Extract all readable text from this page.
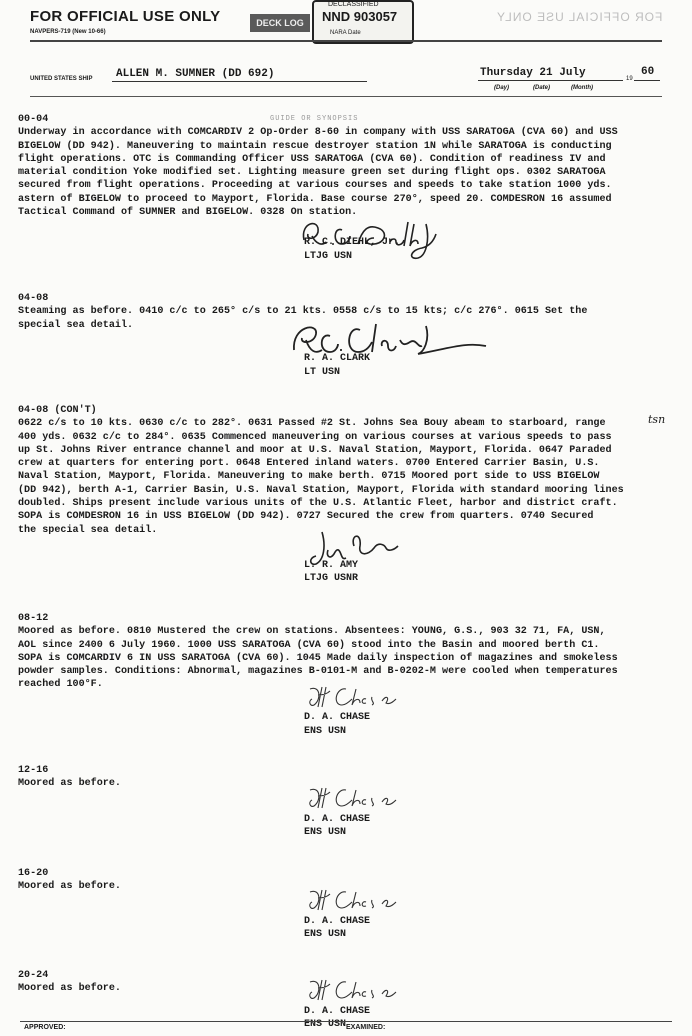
FOR OFFICIAL USE ONLY
NAVPERS-719 (New 10-66)
DECK LOG
DECLASSIFIED
NND 903057
NARA Date
FOR OFFICIAL USE ONLY
UNITED STATES SHIP ALLEN M. SUMNER (DD 692)	Thursday 21 July
(Day)	(Date)	(Month)
19
60
GUIDE OR SYNOPSIS
00-04
Underway in accordance with COMCARDIV 2 Op-Order 8-60 in company with USS SARATOGA (CVA 60) and USS
BIGELOW (DD 942). Maneuvering to maintain rescue destroyer station 1N while SARATOGA is conducting
flight operations. OTC is Commanding Officer USS SARATOGA (CVA 60). Condition of readiness IV and
material condition Yoke modified set. Lighting measure green set during flight ops. 0302 SARATOGA
secured from flight operations. Proceeding at various courses and speeds to take station 1000 yds.
astern of BIGELOW to proceed to Mayport, Florida. Base course 270°, speed 20. COMDESRON 16 assumed
Tactical Command of SUMNER and BIGELOW. 0328 On station.
R. C. DIEHL, Jr.
LTJG USN
04-08
Steaming as before. 0410 c/c to 265° c/s to 21 kts. 0558 c/s to 15 kts; c/c 276°. 0615 Set the
special sea detail.
R. A. CLARK
LT USN
04-08 (CON'T)
0622 c/s to 10 kts. 0630 c/c to 282°. 0631 Passed #2 St. Johns Sea Bouy abeam to starboard, range
400 yds. 0632 c/c to 284°. 0635 Commenced maneuvering on various courses at various speeds to pass
up St. Johns River entrance channel and moor at U.S. Naval Station, Mayport, Florida. 0647 Paraded
crew at quarters for entering port. 0648 Entered inland waters. 0700 Entered Carrier Basin, U.S.
Naval Station, Mayport, Florida. Maneuvering to make berth. 0715 Moored port side to USS BIGELOW
(DD 942), berth A-1, Carrier Basin, U.S. Naval Station, Mayport, Florida with standard mooring lines
doubled. Ships present include various units of the U.S. Atlantic Fleet, harbor and district craft.
SOPA is COMDESRON 16 in USS BIGELOW (DD 942). 0727 Secured the crew from quarters. 0740 Secured
the special sea detail.
tsn
L. R. AMY
LTJG USNR
08-12
Moored as before. 0810 Mustered the crew on stations. Absentees: YOUNG, G.S., 903 32 71, FA, USN,
AOL since 2400 6 July 1960. 1000 USS SARATOGA (CVA 60) stood into the Basin and moored berth C1.
SOPA is COMCARDIV 6 IN USS SARATOGA (CVA 60). 1045 Made daily inspection of magazines and smokeless
powder samples. Conditions: Abnormal, magazines B-0101-M and B-0202-M were cooled when temperatures
reached 100°F.
D. A. CHASE
ENS USN
12-16
Moored as before.
D. A. CHASE
ENS USN
16-20
Moored as before.
D. A. CHASE
ENS USN
20-24
Moored as before.
D. A. CHASE
ENS USN
APPROVED:	EXAMINED:
